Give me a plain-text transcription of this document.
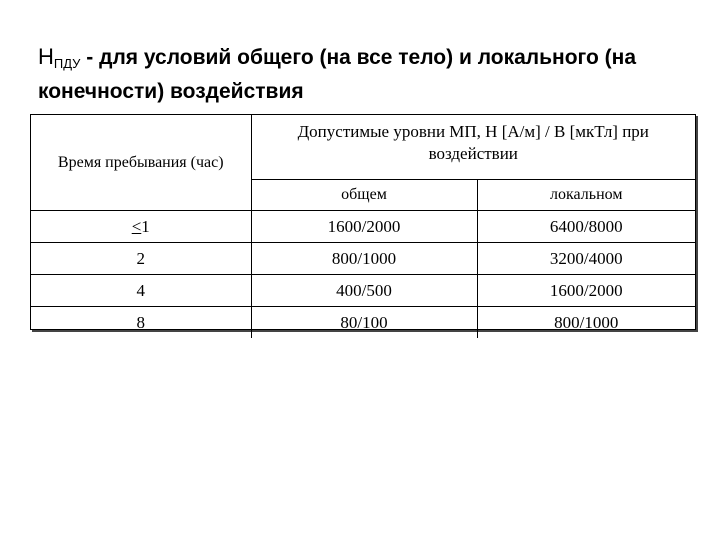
$H_{ПДУ}$ - для условий общего (на все тело) и локального (на конечности) воздействия
Время пребывания (час)	Допустимые уровни МП, Н [А/м] / В [мкТл] при воздействии	
	общем	локальном
≤1	1600/2000	6400/8000
2	800/1000	3200/4000
4	400/500	1600/2000
8	80/100	800/1000
